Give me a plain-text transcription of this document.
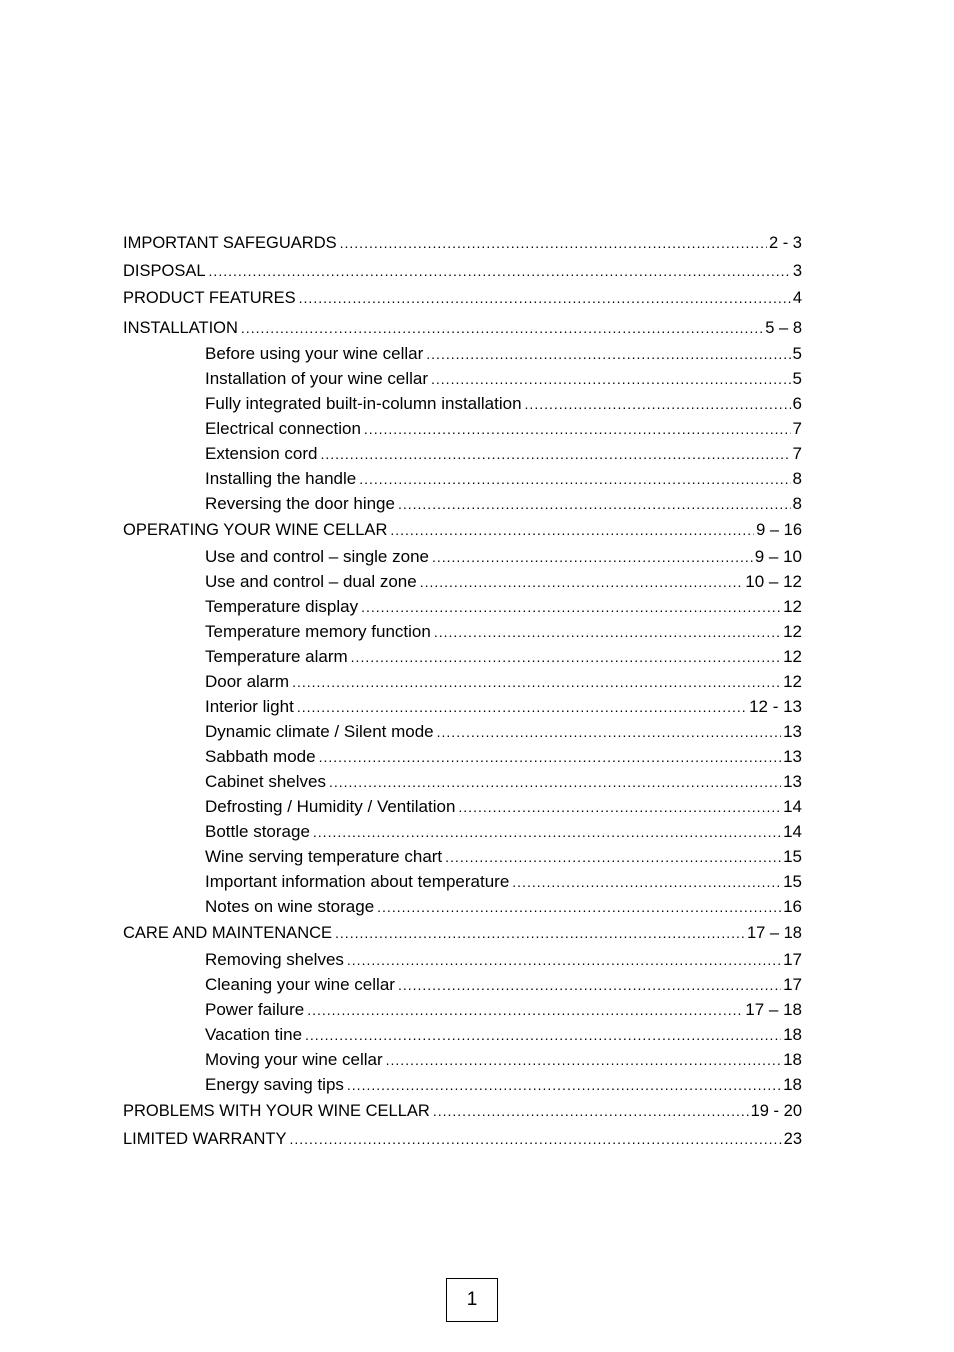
IMPORTANT SAFEGUARDS .....	2 - 3
DISPOSAL .....	3
PRODUCT FEATURES .....	4
INSTALLATION .....	5 – 8
Before using your wine cellar .....	5
Installation of your wine cellar .....	5
Fully integrated built-in-column installation .....	6
Electrical connection .....	7
Extension cord .....	7
Installing the handle .....	8
Reversing the door hinge .....	8
OPERATING YOUR WINE CELLAR .....	9 – 16
Use and control – single zone .....	9 – 10
Use and control – dual zone .....	10 – 12
Temperature display .....	12
Temperature memory function .....	12
Temperature alarm .....	12
Door alarm .....	12
Interior light .....	12 - 13
Dynamic climate / Silent mode .....	13
Sabbath mode .....	13
Cabinet shelves .....	13
Defrosting / Humidity / Ventilation .....	14
Bottle storage .....	14
Wine serving temperature chart .....	15
Important information about temperature .....	15
Notes on wine storage .....	16
CARE AND MAINTENANCE .....	17 – 18
Removing shelves .....	17
Cleaning your wine cellar .....	17
Power failure .....	17 – 18
Vacation tine .....	18
Moving your wine cellar .....	18
Energy saving tips .....	18
PROBLEMS WITH YOUR WINE CELLAR .....	19 - 20
LIMITED WARRANTY .....	23
1
